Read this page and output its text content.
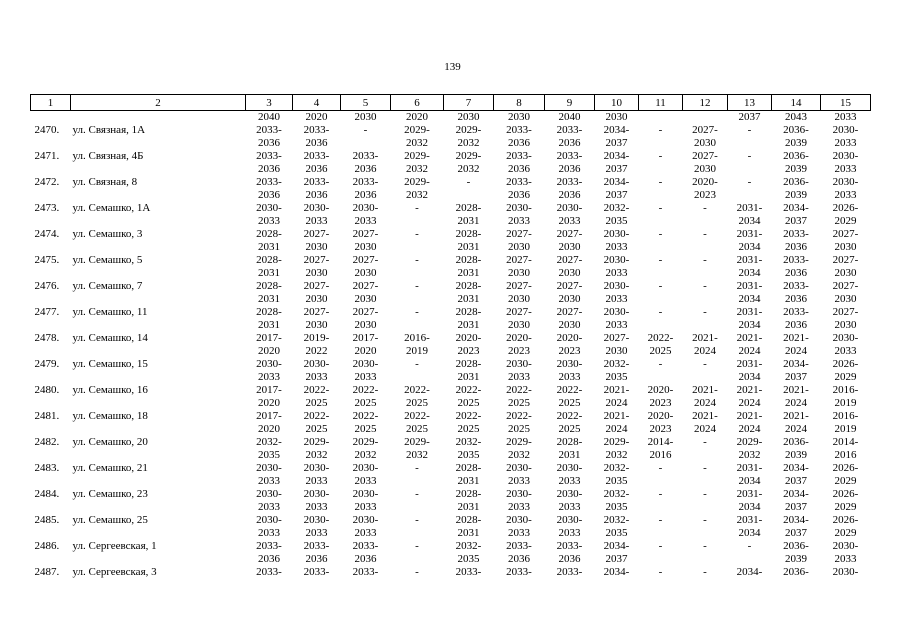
139
1	2	3	4	5	6	7	8	9	10	11	12	13	14	15
		2040	2020	2030	2020	2030	2030	2040	2030			2037	2043	2033
2470.	ул. Связная, 1А	2033-	2033-	-	2029-	2029-	2033-	2033-	2034-	-	2027-	-	2036-	2030-
		2036	2036		2032	2032	2036	2036	2037		2030		2039	2033
2471.	ул. Связная, 4Б	2033-	2033-	2033-	2029-	2029-	2033-	2033-	2034-	-	2027-	-	2036-	2030-
		2036	2036	2036	2032	2032	2036	2036	2037		2030		2039	2033
2472.	ул. Связная, 8	2033-	2033-	2033-	2029-	-	2033-	2033-	2034-	-	2020-	-	2036-	2030-
		2036	2036	2036	2032		2036	2036	2037		2023		2039	2033
2473.	ул. Семашко, 1А	2030-	2030-	2030-	-	2028-	2030-	2030-	2032-	-	-	2031-	2034-	2026-
		2033	2033	2033		2031	2033	2033	2035			2034	2037	2029
2474.	ул. Семашко, 3	2028-	2027-	2027-	-	2028-	2027-	2027-	2030-	-	-	2031-	2033-	2027-
		2031	2030	2030		2031	2030	2030	2033			2034	2036	2030
2475.	ул. Семашко, 5	2028-	2027-	2027-	-	2028-	2027-	2027-	2030-	-	-	2031-	2033-	2027-
		2031	2030	2030		2031	2030	2030	2033			2034	2036	2030
2476.	ул. Семашко, 7	2028-	2027-	2027-	-	2028-	2027-	2027-	2030-	-	-	2031-	2033-	2027-
		2031	2030	2030		2031	2030	2030	2033			2034	2036	2030
2477.	ул. Семашко, 11	2028-	2027-	2027-	-	2028-	2027-	2027-	2030-	-	-	2031-	2033-	2027-
		2031	2030	2030		2031	2030	2030	2033			2034	2036	2030
2478.	ул. Семашко, 14	2017-	2019-	2017-	2016-	2020-	2020-	2020-	2027-	2022-	2021-	2021-	2021-	2030-
		2020	2022	2020	2019	2023	2023	2023	2030	2025	2024	2024	2024	2033
2479.	ул. Семашко, 15	2030-	2030-	2030-	-	2028-	2030-	2030-	2032-	-	-	2031-	2034-	2026-
		2033	2033	2033		2031	2033	2033	2035			2034	2037	2029
2480.	ул. Семашко, 16	2017-	2022-	2022-	2022-	2022-	2022-	2022-	2021-	2020-	2021-	2021-	2021-	2016-
		2020	2025	2025	2025	2025	2025	2025	2024	2023	2024	2024	2024	2019
2481.	ул. Семашко, 18	2017-	2022-	2022-	2022-	2022-	2022-	2022-	2021-	2020-	2021-	2021-	2021-	2016-
		2020	2025	2025	2025	2025	2025	2025	2024	2023	2024	2024	2024	2019
2482.	ул. Семашко, 20	2032-	2029-	2029-	2029-	2032-	2029-	2028-	2029-	2014-	-	2029-	2036-	2014-
		2035	2032	2032	2032	2035	2032	2031	2032	2016		2032	2039	2016
2483.	ул. Семашко, 21	2030-	2030-	2030-	-	2028-	2030-	2030-	2032-	-	-	2031-	2034-	2026-
		2033	2033	2033		2031	2033	2033	2035			2034	2037	2029
2484.	ул. Семашко, 23	2030-	2030-	2030-	-	2028-	2030-	2030-	2032-	-	-	2031-	2034-	2026-
		2033	2033	2033		2031	2033	2033	2035			2034	2037	2029
2485.	ул. Семашко, 25	2030-	2030-	2030-	-	2028-	2030-	2030-	2032-	-	-	2031-	2034-	2026-
		2033	2033	2033		2031	2033	2033	2035			2034	2037	2029
2486.	ул. Сергеевская, 1	2033-	2033-	2033-	-	2032-	2033-	2033-	2034-	-	-	-	2036-	2030-
		2036	2036	2036		2035	2036	2036	2037				2039	2033
2487.	ул. Сергеевская, 3	2033-	2033-	2033-	-	2033-	2033-	2033-	2034-	-	-	2034-	2036-	2030-
